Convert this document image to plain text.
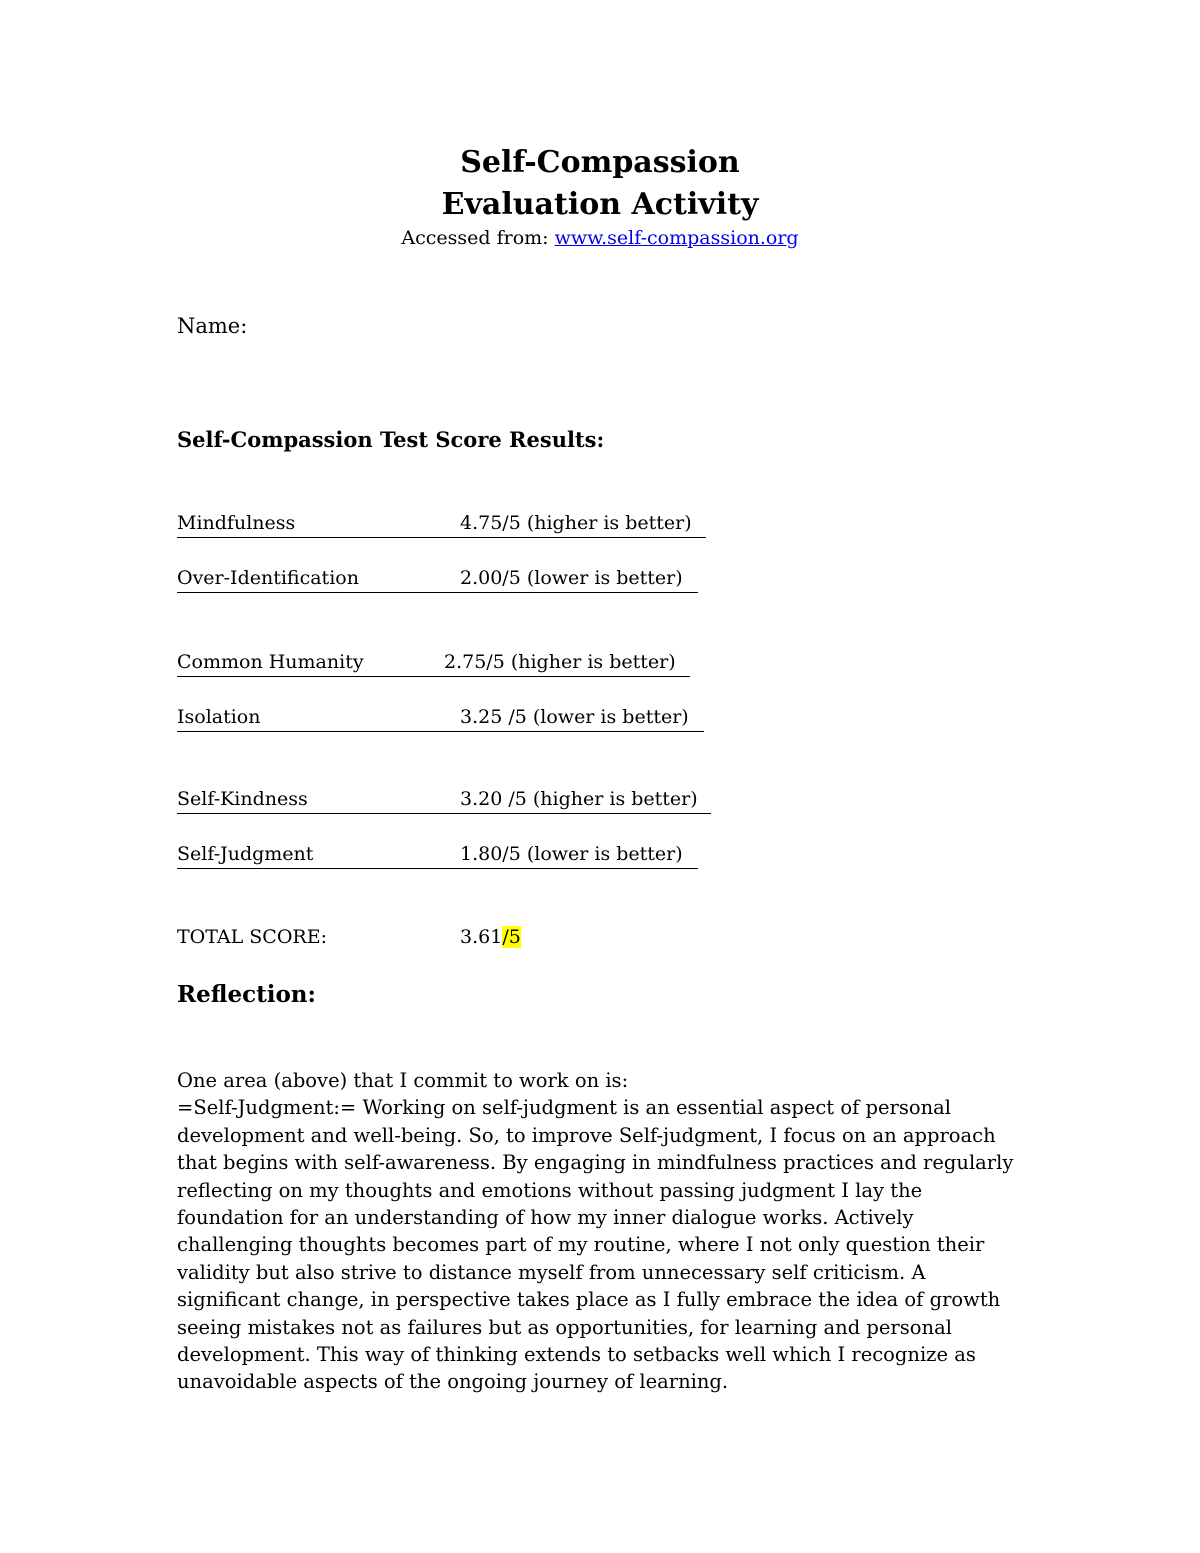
Self-Compassion
Evaluation Activity
Accessed from: www.self-compassion.org
Name:
Self-Compassion Test Score Results:
Mindfulness	4.75/5 (higher is better)
Over-Identification	2.00/5 (lower is better)
Common Humanity	2.75/5 (higher is better)
Isolation	3.25 /5 (lower is better)
Self-Kindness	3.20 /5 (higher is better)
Self-Judgment	1.80/5 (lower is better)
TOTAL SCORE:	3.61/5
Reflection:
One area (above) that I commit to work on is:
=Self-Judgment:= Working on self-judgment is an essential aspect of personal
development and well-being. So, to improve Self-judgment, I focus on an approach
that begins with self-awareness. By engaging in mindfulness practices and regularly
reflecting on my thoughts and emotions without passing judgment I lay the
foundation for an understanding of how my inner dialogue works. Actively
challenging thoughts becomes part of my routine, where I not only question their
validity but also strive to distance myself from unnecessary self criticism. A
significant change, in perspective takes place as I fully embrace the idea of growth
seeing mistakes not as failures but as opportunities, for learning and personal
development. This way of thinking extends to setbacks well which I recognize as
unavoidable aspects of the ongoing journey of learning.
